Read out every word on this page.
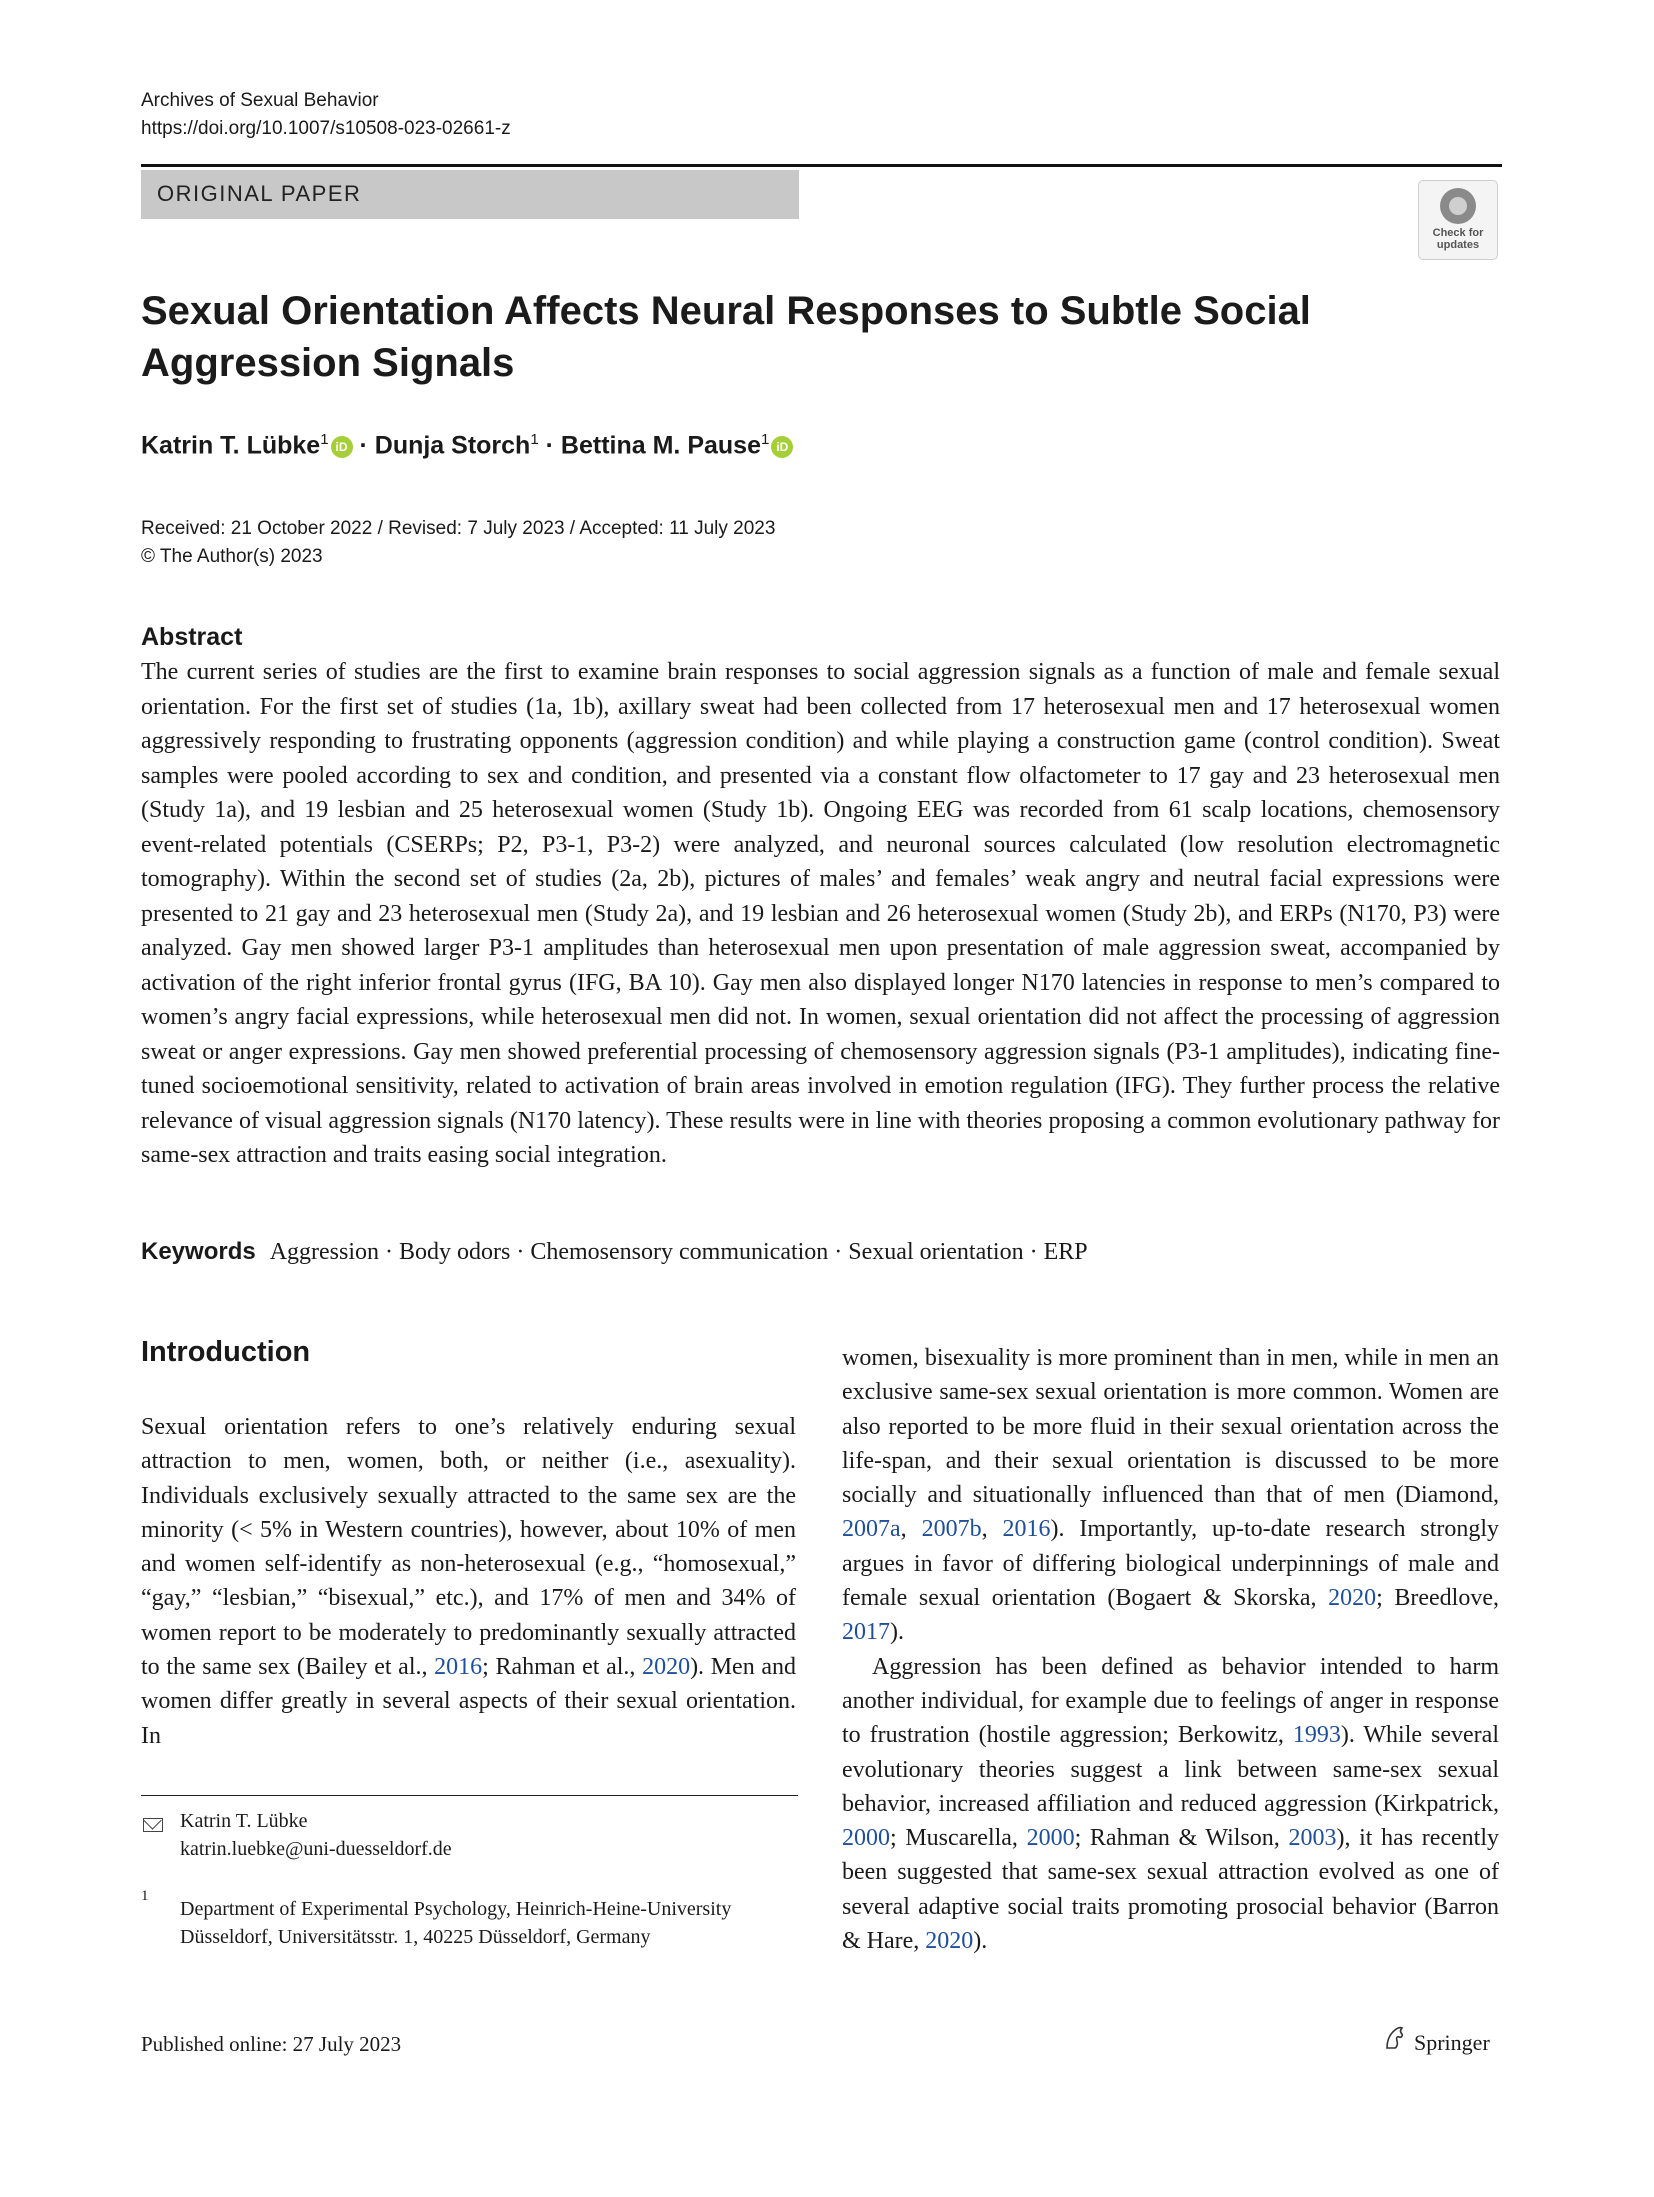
Archives of Sexual Behavior
https://doi.org/10.1007/s10508-023-02661-z
ORIGINAL PAPER
Check for updates
Sexual Orientation Affects Neural Responses to Subtle Social Aggression Signals
Katrin T. Lübke$^1$ iD · Dunja Storch$^1$ · Bettina M. Pause$^1$ iD
Received: 21 October 2022 / Revised: 7 July 2023 / Accepted: 11 July 2023
© The Author(s) 2023
Abstract
The current series of studies are the first to examine brain responses to social aggression signals as a function of male and female sexual orientation. For the first set of studies (1a, 1b), axillary sweat had been collected from 17 heterosexual men and 17 heterosexual women aggressively responding to frustrating opponents (aggression condition) and while playing a construction game (control condition). Sweat samples were pooled according to sex and condition, and presented via a constant flow olfactometer to 17 gay and 23 heterosexual men (Study 1a), and 19 lesbian and 25 heterosexual women (Study 1b). Ongoing EEG was recorded from 61 scalp locations, chemosensory event-related potentials (CSERPs; P2, P3-1, P3-2) were analyzed, and neuronal sources calculated (low resolution electromagnetic tomography). Within the second set of studies (2a, 2b), pictures of males’ and females’ weak angry and neutral facial expressions were presented to 21 gay and 23 heterosexual men (Study 2a), and 19 lesbian and 26 heterosexual women (Study 2b), and ERPs (N170, P3) were analyzed. Gay men showed larger P3-1 amplitudes than heterosexual men upon presentation of male aggression sweat, accompanied by activation of the right inferior frontal gyrus (IFG, BA 10). Gay men also displayed longer N170 latencies in response to men’s compared to women’s angry facial expressions, while heterosexual men did not. In women, sexual orientation did not affect the processing of aggression sweat or anger expressions. Gay men showed preferential processing of chemosensory aggression signals (P3-1 amplitudes), indicating fine-tuned socioemotional sensitivity, related to activation of brain areas involved in emotion regulation (IFG). They further process the relative relevance of visual aggression signals (N170 latency). These results were in line with theories proposing a common evolutionary pathway for same-sex attraction and traits easing social integration.
Keywords Aggression · Body odors · Chemosensory communication · Sexual orientation · ERP
Introduction

Sexual orientation refers to one’s relatively enduring sexual attraction to men, women, both, or neither (i.e., asexuality). Individuals exclusively sexually attracted to the same sex are the minority (< 5% in Western countries), however, about 10% of men and women self-identify as non-heterosexual (e.g., “homosexual,” “gay,” “lesbian,” “bisexual,” etc.), and 17% of men and 34% of women report to be moderately to predominantly sexually attracted to the same sex (Bailey et al., 2016; Rahman et al., 2020). Men and women differ greatly in several aspects of their sexual orientation. In

women, bisexuality is more prominent than in men, while in men an exclusive same-sex sexual orientation is more common. Women are also reported to be more fluid in their sexual orientation across the life-span, and their sexual orientation is discussed to be more socially and situationally influenced than that of men (Diamond, 2007a, 2007b, 2016). Importantly, up-to-date research strongly argues in favor of differing biological underpinnings of male and female sexual orientation (Bogaert & Skorska, 2020; Breedlove, 2017).

Aggression has been defined as behavior intended to harm another individual, for example due to feelings of anger in response to frustration (hostile aggression; Berkowitz, 1993). While several evolutionary theories suggest a link between same-sex sexual behavior, increased affiliation and reduced aggression (Kirkpatrick, 2000; Muscarella, 2000; Rahman & Wilson, 2003), it has recently been suggested that same-sex sexual attraction evolved as one of several adaptive social traits promoting prosocial behavior (Barron & Hare, 2020).

Katrin T. Lübke
katrin.luebke@uni-duesseldorf.de
1
Department of Experimental Psychology, Heinrich-Heine-University Düsseldorf, Universitätsstr. 1, 40225 Düsseldorf, Germany
Published online: 27 July 2023	Springer
